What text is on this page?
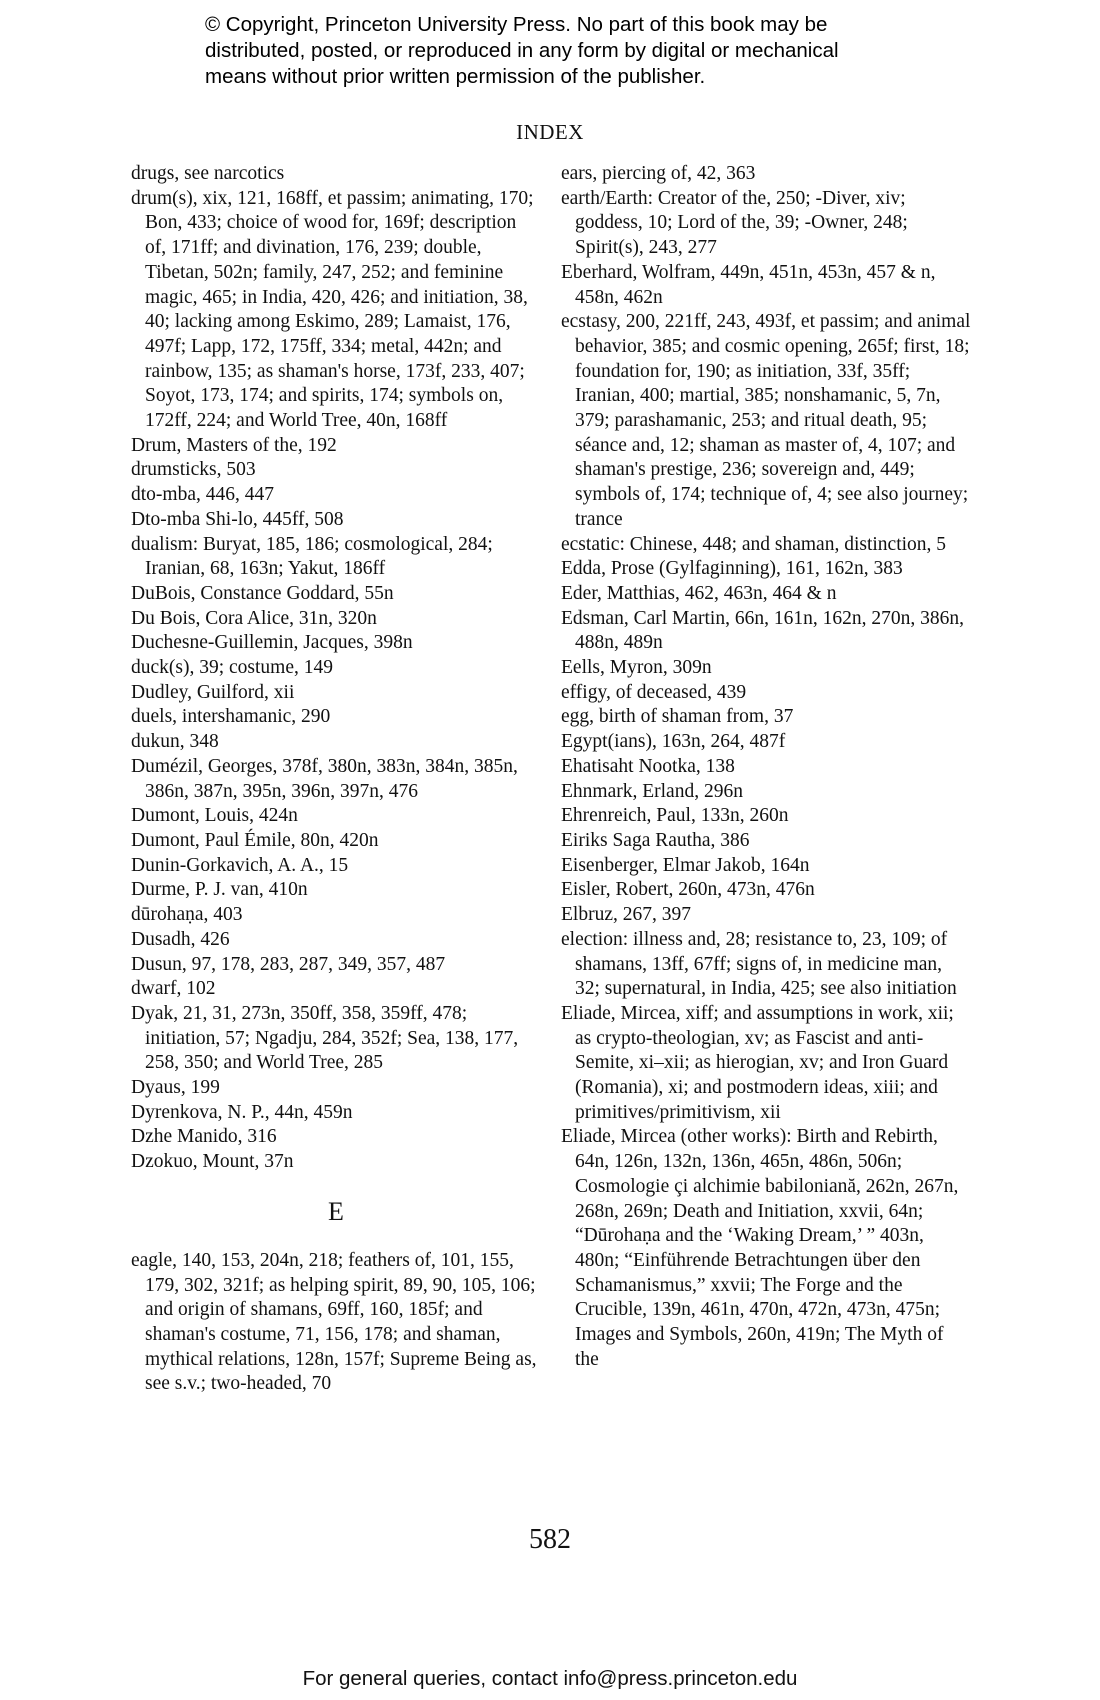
© Copyright, Princeton University Press. No part of this book may be
distributed, posted, or reproduced in any form by digital or mechanical
means without prior written permission of the publisher.
INDEX
drugs, see narcotics
drum(s), xix, 121, 168ff, et passim; animating, 170; Bon, 433; choice of wood for, 169f; description of, 171ff; and divination, 176, 239; double, Tibetan, 502n; family, 247, 252; and feminine magic, 465; in India, 420, 426; and initiation, 38, 40; lacking among Eskimo, 289; Lamaist, 176, 497f; Lapp, 172, 175ff, 334; metal, 442n; and rainbow, 135; as shaman's horse, 173f, 233, 407; Soyot, 173, 174; and spirits, 174; symbols on, 172ff, 224; and World Tree, 40n, 168ff
Drum, Masters of the, 192
drumsticks, 503
dto-mba, 446, 447
Dto-mba Shi-lo, 445ff, 508
dualism: Buryat, 185, 186; cosmological, 284; Iranian, 68, 163n; Yakut, 186ff
DuBois, Constance Goddard, 55n
Du Bois, Cora Alice, 31n, 320n
Duchesne-Guillemin, Jacques, 398n
duck(s), 39; costume, 149
Dudley, Guilford, xii
duels, intershamanic, 290
dukun, 348
Dumézil, Georges, 378f, 380n, 383n, 384n, 385n, 386n, 387n, 395n, 396n, 397n, 476
Dumont, Louis, 424n
Dumont, Paul Émile, 80n, 420n
Dunin-Gorkavich, A. A., 15
Durme, P. J. van, 410n
dūrohaṇa, 403
Dusadh, 426
Dusun, 97, 178, 283, 287, 349, 357, 487
dwarf, 102
Dyak, 21, 31, 273n, 350ff, 358, 359ff, 478; initiation, 57; Ngadju, 284, 352f; Sea, 138, 177, 258, 350; and World Tree, 285
Dyaus, 199
Dyrenkova, N. P., 44n, 459n
Dzhe Manido, 316
Dzokuo, Mount, 37n
E
eagle, 140, 153, 204n, 218; feathers of, 101, 155, 179, 302, 321f; as helping spirit, 89, 90, 105, 106; and origin of shamans, 69ff, 160, 185f; and shaman's costume, 71, 156, 178; and shaman, mythical relations, 128n, 157f; Supreme Being as, see s.v.; two-headed, 70
ears, piercing of, 42, 363
earth/Earth: Creator of the, 250; -Diver, xiv; goddess, 10; Lord of the, 39; -Owner, 248; Spirit(s), 243, 277
Eberhard, Wolfram, 449n, 451n, 453n, 457 & n, 458n, 462n
ecstasy, 200, 221ff, 243, 493f, et passim; and animal behavior, 385; and cosmic opening, 265f; first, 18; foundation for, 190; as initiation, 33f, 35ff; Iranian, 400; martial, 385; nonshamanic, 5, 7n, 379; parashamanic, 253; and ritual death, 95; séance and, 12; shaman as master of, 4, 107; and shaman's prestige, 236; sovereign and, 449; symbols of, 174; technique of, 4; see also journey; trance
ecstatic: Chinese, 448; and shaman, distinction, 5
Edda, Prose (Gylfaginning), 161, 162n, 383
Eder, Matthias, 462, 463n, 464 & n
Edsman, Carl Martin, 66n, 161n, 162n, 270n, 386n, 488n, 489n
Eells, Myron, 309n
effigy, of deceased, 439
egg, birth of shaman from, 37
Egypt(ians), 163n, 264, 487f
Ehatisaht Nootka, 138
Ehnmark, Erland, 296n
Ehrenreich, Paul, 133n, 260n
Eiriks Saga Rautha, 386
Eisenberger, Elmar Jakob, 164n
Eisler, Robert, 260n, 473n, 476n
Elbruz, 267, 397
election: illness and, 28; resistance to, 23, 109; of shamans, 13ff, 67ff; signs of, in medicine man, 32; supernatural, in India, 425; see also initiation
Eliade, Mircea, xiff; and assumptions in work, xii; as crypto-theologian, xv; as Fascist and anti-Semite, xi–xii; as hierogian, xv; and Iron Guard (Romania), xi; and postmodern ideas, xiii; and primitives/primitivism, xii
Eliade, Mircea (other works): Birth and Rebirth, 64n, 126n, 132n, 136n, 465n, 486n, 506n; Cosmologie çi alchimie babiloniană, 262n, 267n, 268n, 269n; Death and Initiation, xxvii, 64n; “Dūrohaṇa and the ‘Waking Dream,’ ” 403n, 480n; “Einführende Betrachtungen über den Schamanismus,” xxvii; The Forge and the Crucible, 139n, 461n, 470n, 472n, 473n, 475n; Images and Symbols, 260n, 419n; The Myth of the
582
For general queries, contact info@press.princeton.edu
